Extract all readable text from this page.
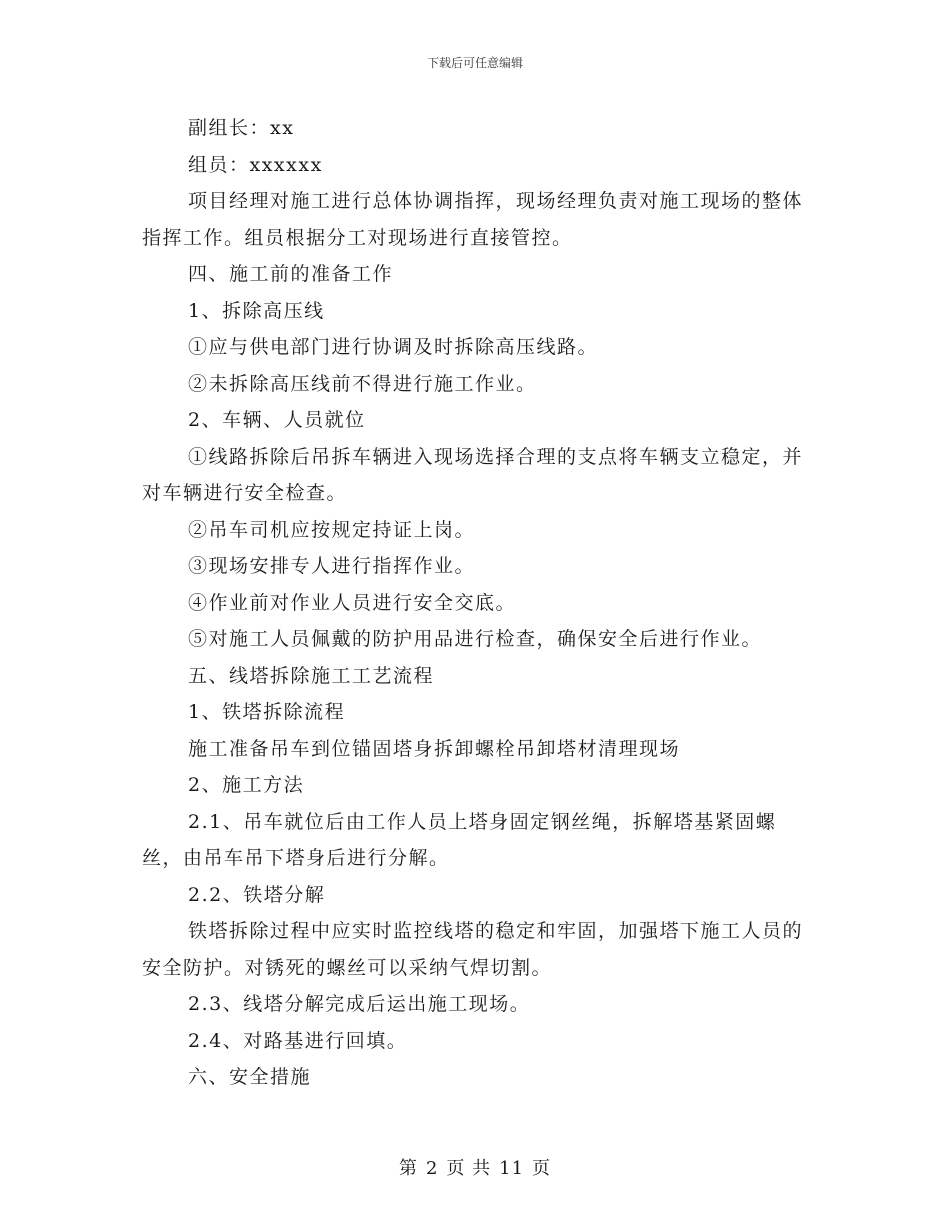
下载后可任意编辑

副组长：xx

组员：xxxxxx

项目经理对施工进行总体协调指挥，现场经理负责对施工现场的整体指挥工作。组员根据分工对现场进行直接管控。

四、施工前的准备工作

1、拆除高压线

①应与供电部门进行协调及时拆除高压线路。

②未拆除高压线前不得进行施工作业。

2、车辆、人员就位

①线路拆除后吊拆车辆进入现场选择合理的支点将车辆支立稳定，并对车辆进行安全检查。

②吊车司机应按规定持证上岗。

③现场安排专人进行指挥作业。

④作业前对作业人员进行安全交底。

⑤对施工人员佩戴的防护用品进行检查，确保安全后进行作业。

五、线塔拆除施工工艺流程

1、铁塔拆除流程

施工准备吊车到位锚固塔身拆卸螺栓吊卸塔材清理现场

2、施工方法

2.1、吊车就位后由工作人员上塔身固定钢丝绳，拆解塔基紧固螺丝，由吊车吊下塔身后进行分解。

2.2、铁塔分解

铁塔拆除过程中应实时监控线塔的稳定和牢固，加强塔下施工人员的安全防护。对锈死的螺丝可以采纳气焊切割。

2.3、线塔分解完成后运出施工现场。

2.4、对路基进行回填。

六、安全措施

第 2 页 共 11 页
